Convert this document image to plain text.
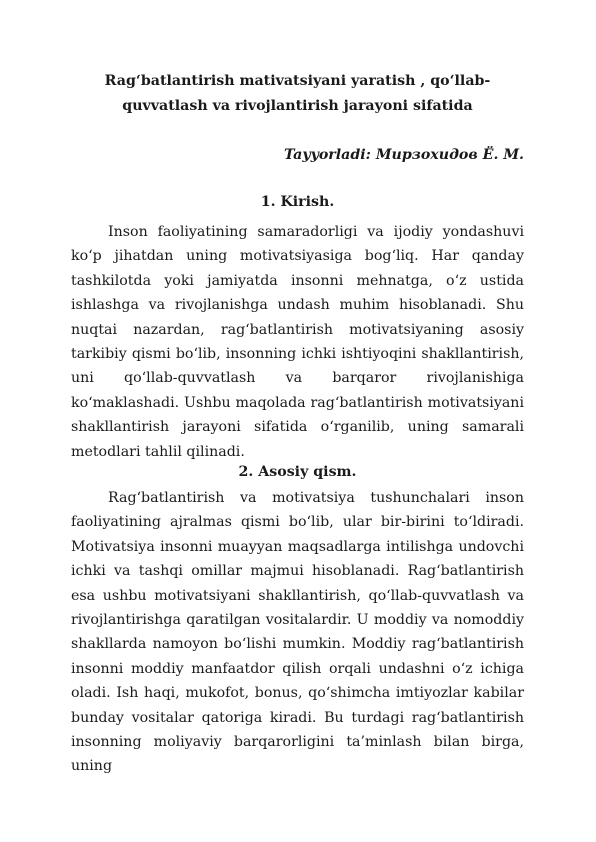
Rag‘batlantirish mativatsiyani yaratish , qo‘llab-quvvatlash va rivojlantirish jarayoni sifatida
Tayyorladi: Мирзохидов Ё. М.
1. Kirish.

Inson faoliyatining samaradorligi va ijodiy yondashuvi ko‘p jihatdan uning motivatsiyasiga bog‘liq. Har qanday tashkilotda yoki jamiyatda insonni mehnatga, o‘z ustida ishlashga va rivojlanishga undash muhim hisoblanadi. Shu nuqtai nazardan, rag‘batlantirish motivatsiyaning asosiy tarkibiy qismi bo‘lib, insonning ichki ishtiyoqini shakllantirish, uni qo‘llab-quvvatlash va barqaror rivojlanishiga ko‘maklashadi. Ushbu maqolada rag‘batlantirish motivatsiyani shakllantirish jarayoni sifatida o‘rganilib, uning samarali metodlari tahlil qilinadi.

2. Asosiy qism.

Rag‘batlantirish va motivatsiya tushunchalari inson faoliyatining ajralmas qismi bo‘lib, ular bir-birini to‘ldiradi. Motivatsiya insonni muayyan maqsadlarga intilishga undovchi ichki va tashqi omillar majmui hisoblanadi. Rag‘batlantirish esa ushbu motivatsiyani shakllantirish, qo‘llab-quvvatlash va rivojlantirishga qaratilgan vositalardir. U moddiy va nomoddiy shakllarda namoyon bo‘lishi mumkin. Moddiy rag‘batlantirish insonni moddiy manfaatdor qilish orqali undashni o‘z ichiga oladi. Ish haqi, mukofot, bonus, qo‘shimcha imtiyozlar kabilar bunday vositalar qatoriga kiradi. Bu turdagi rag‘batlantirish insonning moliyaviy barqarorligini ta’minlash bilan birga, uning
